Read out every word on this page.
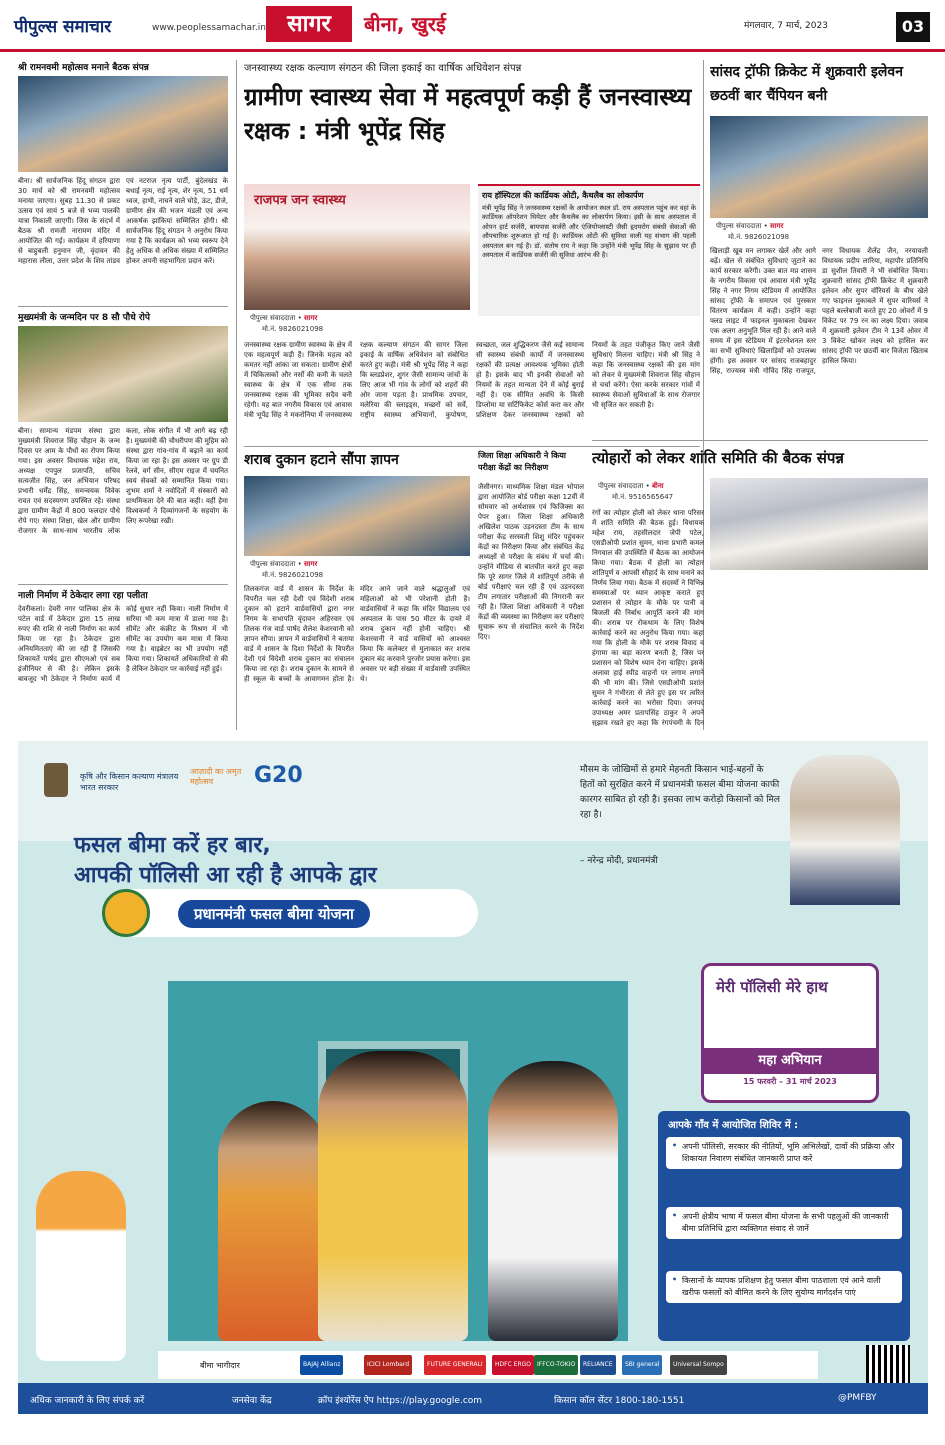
पीपुल्स समाचार	www.peoplessamachar.in सागर	बीना, खुरई	मंगलवार, 7 मार्च, 2023	03
श्री रामनवमी महोत्सव मनाने बैठक संपन्न
बीना। श्री सार्वजनिक हिंदू संगठन द्वारा 30 मार्च को श्री रामनवमी महोत्सव मनाया जाएगा। सुबह 11.30 से प्रकट उत्सव एवं सायं 5 बजे से भव्य पालकी यात्रा निकाली जाएगी। जिस के संदर्भ में बैठक श्री रामजी नारायण मंदिर में आयोजित की गई। कार्यक्रम में हरियाणा से बाहुबली हनुमान जी, वृंदावन की महारास लीला, उत्तर प्रदेश के शिव तांडव एवं नटराज नृत्य पार्टी, बुंदेलखंड के बधाई नृत्य, राई नृत्य, शेर नृत्य, 51 धर्म ध्वज, हाथी, नाचने वाले घोड़े, ऊंट, डीजे, ग्रामीण क्षेत्र की भजन मंडली एवं अन्य आकर्षक झांकियां सम्मिलित होंगी। श्री सार्वजनिक हिंदू संगठन ने अनुरोध किया गया है कि कार्यक्रम को भव्य स्वरूप देने हेतु अधिक से अधिक संख्या में सम्मिलित होकर अपनी सहभागिता प्रदान करें।
मुख्यमंत्री के जन्मदिन पर 8 सौ पौधे रोपे
बीना। सामान्य मंडपम संस्था द्वारा मुख्यमंत्री शिवराज सिंह चौहान के जन्म दिवस पर आम के पौधों का रोपण किया गया। इस अवसर विधायक महेश राय, अध्यक्ष एपपुल प्रजापति, सचिव सत्यजीत सिंह, जन अभियान परिषद प्रभारी धर्मेंद्र सिंह, समन्वयक विवेक रावत एवं सदस्यगण उपस्थित रहे। संस्था द्वारा ग्रामीण केंद्रों में 800 फलदार पौधे रोपे गए। संस्था शिक्षा, खेल और ग्रामीण रोजगार के साथ-साथ भारतीय लोक कला, लोक संगीत में भी आगे बढ़ रही है। मुख्यमंत्री की चौधरीपण की मुहिम को संस्था द्वारा गांव-गांव में बढ़ाने का कार्य किया जा रहा है। इस अवसर पर ग्रुप डी रेलवे, वर्ग सीन, सीएम राइज में चयनित स्वयं सेवकों को सम्मानित किया गया। शुभम शर्मा ने नवोदितों में संस्कारों को प्राथमिकता देने की बात कही। वहीं हेमा विश्वकर्मा ने दिव्यांगजनों के सहयोग के लिए रूपरेखा रखी।
नाली निर्माण में ठेकेदार लगा रहा पलीता
देवरीकलां। देवरी नगर पालिका क्षेत्र के पटेल वार्ड में ठेकेदार द्वारा 15 लाख रुपए की राशि से नाली निर्माण का कार्य किया जा रहा है। ठेकेदार द्वारा अनियमितताएं की जा रही हैं जिसकी शिकायतें पार्षद द्वारा सीएमओ एवं सब इंजीनियर से की है। लेकिन इसके बावजूद भी ठेकेदार ने निर्माण कार्य में कोई सुधार नहीं किया। नाली निर्माण में सरिया भी कम मात्रा में डाला गया है। सीमेंट और कंक्रीट के मिश्रण में भी सीमेंट का उपयोग कम मात्रा में किया गया है। वाइब्रेटर का भी उपयोग नहीं किया गया। शिकायतें अधिकारियों से की है लेकिन ठेकेदार पर कार्रवाई नहीं हुई।
जनस्वास्थ्य रक्षक कल्याण संगठन की जिला इकाई का वार्षिक अधिवेशन संपन्न
ग्रामीण स्वास्थ्य सेवा में महत्वपूर्ण कड़ी हैं जनस्वास्थ्य रक्षक : मंत्री भूपेंद्र सिंह
राजपत्र जन स्वास्थ्य
पीपुल्स संवाददाता • सागर
मो.नं. 9826021098
राय हॉस्पिटल की कार्डियक ओटी, कैथलैब का लोकार्पण
मंत्री भूपेंद्र सिंह ने जनस्वास्थ्य रक्षकों के आयोजन स्थल डॉ. राय अस्पताल पहुंच कर वहां के कार्डियक ऑपरेशन थियेटर और कैथलैब का लोकार्पण किया। इसी के साथ अस्पताल में ओपन हार्ट सर्जरी, बायपास सर्जरी और एंजियोप्लास्टी जैसी हृदयरोग संबंधी सेवाओं की औपचारिक शुरूआत हो गई है। कार्डियक ओटी की सुविधा वाली यह संभाग की पहली अस्पताल बन गई है। डॉ. संतोष राय ने कहा कि उन्होंने मंत्री भूपेंद्र सिंह के सुझाव पर ही अस्पताल में कार्डियक सर्जरी की सुविधा आरंभ की है।
जनस्वास्थ्य रक्षक ग्रामीण स्वास्थ्य के क्षेत्र में एक महत्वपूर्ण कड़ी हैं। जिनके महत्व को कमतर नहीं आंका जा सकता। ग्रामीण क्षेत्रों में चिकित्सकों और नर्सों की कमी के चलते स्वास्थ्य के क्षेत्र में एक सीमा तक जनस्वास्थ्य रक्षक की भूमिका सदैव बनी रहेगी। यह बात नगरीय विकास एवं आवास मंत्री भूपेंद्र सिंह ने मकरोनिया में जनस्वास्थ्य रक्षक कल्याण संगठन की सागर जिला इकाई के वार्षिक अधिवेशन को संबोधित करते हुए कही। मंत्री श्री भूपेंद्र सिंह ने कहा कि ब्लडप्रेशर, शुगर जैसी सामान्य जांचों के लिए आज भी गांव के लोगों को शहरों की ओर जाना पड़ता है। प्राथमिक उपचार, मलेरिया की स्लाइड्स, मच्छरों को सर्वे, राष्ट्रीय स्वास्थ्य अभियानों, कुपोषण, स्वच्छता, जल शुद्धिकरण जैसे कई सामान्य सी स्वास्थ्य संबंधी कार्यों में जनस्वास्थ्य रक्षकों की प्रत्यक्ष आवश्यक भूमिका होती हो है। इसके बाद भी इनकी सेवाओं को नियमों के तहत मान्यता देने में कोई बुराई नहीं है। एक सीमित अवधि के किसी डिप्लोमा या सर्टिफिकेट कोर्स करा कर और प्रशिक्षण देकर जनस्वास्थ्य रक्षकों को नियमों के तहत पंजीकृत किए जाने जैसी सुविधाएं मिलना चाहिए। मंत्री श्री सिंह ने कहा कि जनस्वास्थ्य रक्षकों की इस मांग को लेकर वे मुख्यमंत्री शिवराज सिंह चौहान से चर्चा करेंगे। ऐसा करके सरकार गांवों में स्वास्थ्य सेवाओं सुविधाओं के साथ रोजगार भी सृजित कर सकती है।
शराब दुकान हटाने सौंपा ज्ञापन
पीपुल्स संवाददाता • सागर
मो.नं. 9826021098
तिलकगंज वार्ड में शासन के निर्देश के विपरीत चल रही देशी एवं विदेशी शराब दुकान को हटाने वार्डवासियों द्वारा नगर निगम के सभापति वृंदावन अहिरवार एवं तिलक गंज वार्ड पार्षद शैलेश केशरवानी को ज्ञापन सौंपा। ज्ञापन में वार्डवासियों ने बताया वार्ड में शासन के दिशा निर्देशों के विपरीत देशी एवं विदेशी शराब दुकान का संचालन किया जा रहा है। शराब दुकान के सामने से ही स्कूल के बच्चों के आवागमन होता है। मंदिर आने जाने वाले श्रद्धालुओं एवं महिलाओं को भी परेशानी होती है। वार्डवासियों ने कहा कि मंदिर विद्यालय एवं अस्पताल के पास 50 मीटर के दायरे में शराब दुकान नहीं होनी चाहिए। श्री केशरवानी ने वार्ड वासियों को आश्वस्त किया कि कलेक्टर से मुलाकात कर शराब दुकान बंद करवाने पुरजोर प्रयास करेगा। इस अवसर पर बड़ी संख्या में वार्डवासी उपस्थित थे।
जिला शिक्षा अधिकारी ने किया परीक्षा केंद्रों का निरीक्षण
जैसीनगर। माध्यमिक शिक्षा मंडल भोपाल द्वारा आयोजित बोर्ड परीक्षा कक्षा 12वीं में सोमवार को अर्थशास्त्र एवं फिजिक्स का पेपर हुआ। जिला शिक्षा अधिकारी अखिलेश पाठक उड़नदस्ता टीम के साथ परीक्षा केंद्र सरस्वती शिशु मंदिर पहुंचकर केंद्रों का निरीक्षण किया और संबंधित केंद्र अध्यक्षों से परीक्षा के संबंध में चर्चा की। उन्होंने मीडिया से बातचीत करते हुए कहा कि पूरे सागर जिले में शांतिपूर्ण तरीके से बोर्ड परीक्षाएं चल रही हैं एवं उड़नदस्ता टीम लगातार परीक्षाओं की निगरानी कर रही है। जिला शिक्षा अधिकारी ने परीक्षा केंद्रों की व्यवस्था का निरीक्षण कर परीक्षाएं सुचारू रूप से संचालित करने के निर्देश दिए।
सांसद ट्रॉफी क्रिकेट में शुक्रवारी इलेवन छठवीं बार चैंपियन बनी
पीपुल्स संवाददाता • सागर
मो.नं. 9826021098
खिलाड़ी खूब मन लगाकर खेलें और आगे बढ़ें। खेल से संबंधित सुविधाएं जुटाने का कार्य सरकार करेगी। उक्त बात मप्र शासन के नगरीय विकास एवं आवास मंत्री भूपेंद्र सिंह ने नगर निगम स्टेडियम में आयोजित सांसद ट्रॉफी के समापन एवं पुरस्कार वितरण कार्यक्रम में कही। उन्होंने कहा फ्लड लाइट में फाइनल मुकाबला देखकर एक अलग अनुभूति मिल रही है। आने वाले समय में इस स्टेडियम में इंटरनेशनल स्तर का सभी सुविधाएं खिलाड़ियों को उपलब्ध होंगी। इस अवसर पर सांसद राजबहादुर सिंह, राज्यस्व मंत्री गोविंद सिंह राजपूत, नगर विधायक शैलेंद्र जैन, नरयावली विधायक प्रदीप लारिया, महापौर प्रतिनिधि डा सुशील तिवारी ने भी संबोधित किया। शुक्रवारी सांसद ट्रॉफी क्रिकेट में शुक्रवारी इलेवन और सुपर वॉरियर्स के बीच खेले गए फाइनल मुकाबले में सुपर वारियर्स ने पहले बल्लेबाजी करते हुए 20 ओवरों में 9 विकेट पर 79 रन का लक्ष्य दिया। जवाब में शुक्रवारी इलेवन टीम ने 13वें ओवर में 3 विकेट खोकर लक्ष्य को हासिल कर सांसद ट्रॉफी पर छठवीं बार विजेता खिताब हासिल किया।
त्योहारों को लेकर शांति समिति की बैठक संपन्न
पीपुल्स संवाददाता • बीना
मो.नं. 9516565647
रंगों का त्योहार होली को लेकर थाना परिसर में शांति समिति की बैठक हुई। विधायक महेश राय, तहसीलदार जेपी पटेल, एसडीओपी प्रशांत सुमन, थाना प्रभारी कमल निगवाल की उपस्थिति में बैठक का आयोजन किया गया। बैठक में होली का त्योहार शांतिपूर्ण व आपसी सौहार्द के साथ मनाने का निर्णय लिया गया। बैठक में सदस्यों ने विभिन्न समस्याओं पर ध्यान आकृष्ट कराते हुए प्रशासन से त्योहार के मौके पर पानी व बिजली की निर्बाध आपूर्ति करने की मांग की। शराब पर रोकथाम के लिए विशेष कार्रवाई करने का अनुरोध किया गया। कहा गया कि होली के मौके पर शराब विवाद व हंगामा का बड़ा कारण बनती है, जिस पर प्रशासन को विशेष ध्यान देना चाहिए। इसके अलावा हाई स्पीड वाहनों पर लगाम लगाने की भी मांग की। जिसे एसडीओपी प्रशांत सुमन ने गंभीरता से लेते हुए इस पर त्वरित कार्रवाई करने का भरोसा दिया। जनपद उपाध्यक्ष अमर प्रतापसिंह ठाकुर ने अपने सुझाव रखते हुए कहा कि रंगपंचमी के दिन
कृषि और किसान कल्याण मंत्रालय भारत सरकार
आज़ादी का अमृत महोत्सव	G20	मौसम के जोखिमों से हमारे मेहनती किसान भाई-बहनों के हितों को सुरक्षित करने में प्रधानमंत्री फसल बीमा योजना काफी कारगर साबित हो रही है। इसका लाभ करोड़ो किसानों को मिल रहा है।
– नरेन्द्र मोदी, प्रधानमंत्री
फसल बीमा करें हर बार,
आपकी पॉलिसी आ रही है आपके द्वार
प्रधानमंत्री फसल बीमा योजना
मेरी पॉलिसी मेरे हाथ
महा अभियान
15 फरवरी – 31 मार्च 2023
आपके गाँव में आयोजित शिविर में :
• अपनी पॉलिसी, सरकार की नीतियों, भूमि अभिलेखों, दावों की प्रक्रिया और शिकायत निवारण संबंधित जानकारी प्राप्त करें
• अपनी क्षेत्रीय भाषा में फसल बीमा योजना के सभी पहलुओं की जानकारी बीमा प्रतिनिधि द्वारा व्यक्तिगत संवाद से जानें
• किसानों के व्यापक प्रशिक्षण हेतु फसल बीमा पाठशाला एवं आने वाली खरीफ फसलों को बीमित करने के लिए सुयोग्य मार्गदर्शन पाएं
बीमा भागीदार	BAJAJ Allianz	ICICI Lombard	FUTURE GENERALI	HDFC ERGO IFFCO-TOKIO	RELIANCE	SBI general	Universal Sompo
अधिक जानकारी के लिए संपर्क करें	जनसेवा केंद्र	क्रॉप इंश्योरेंस ऐप https://play.google.com	किसान कॉल सेंटर 1800-180-1551	@PMFBY
